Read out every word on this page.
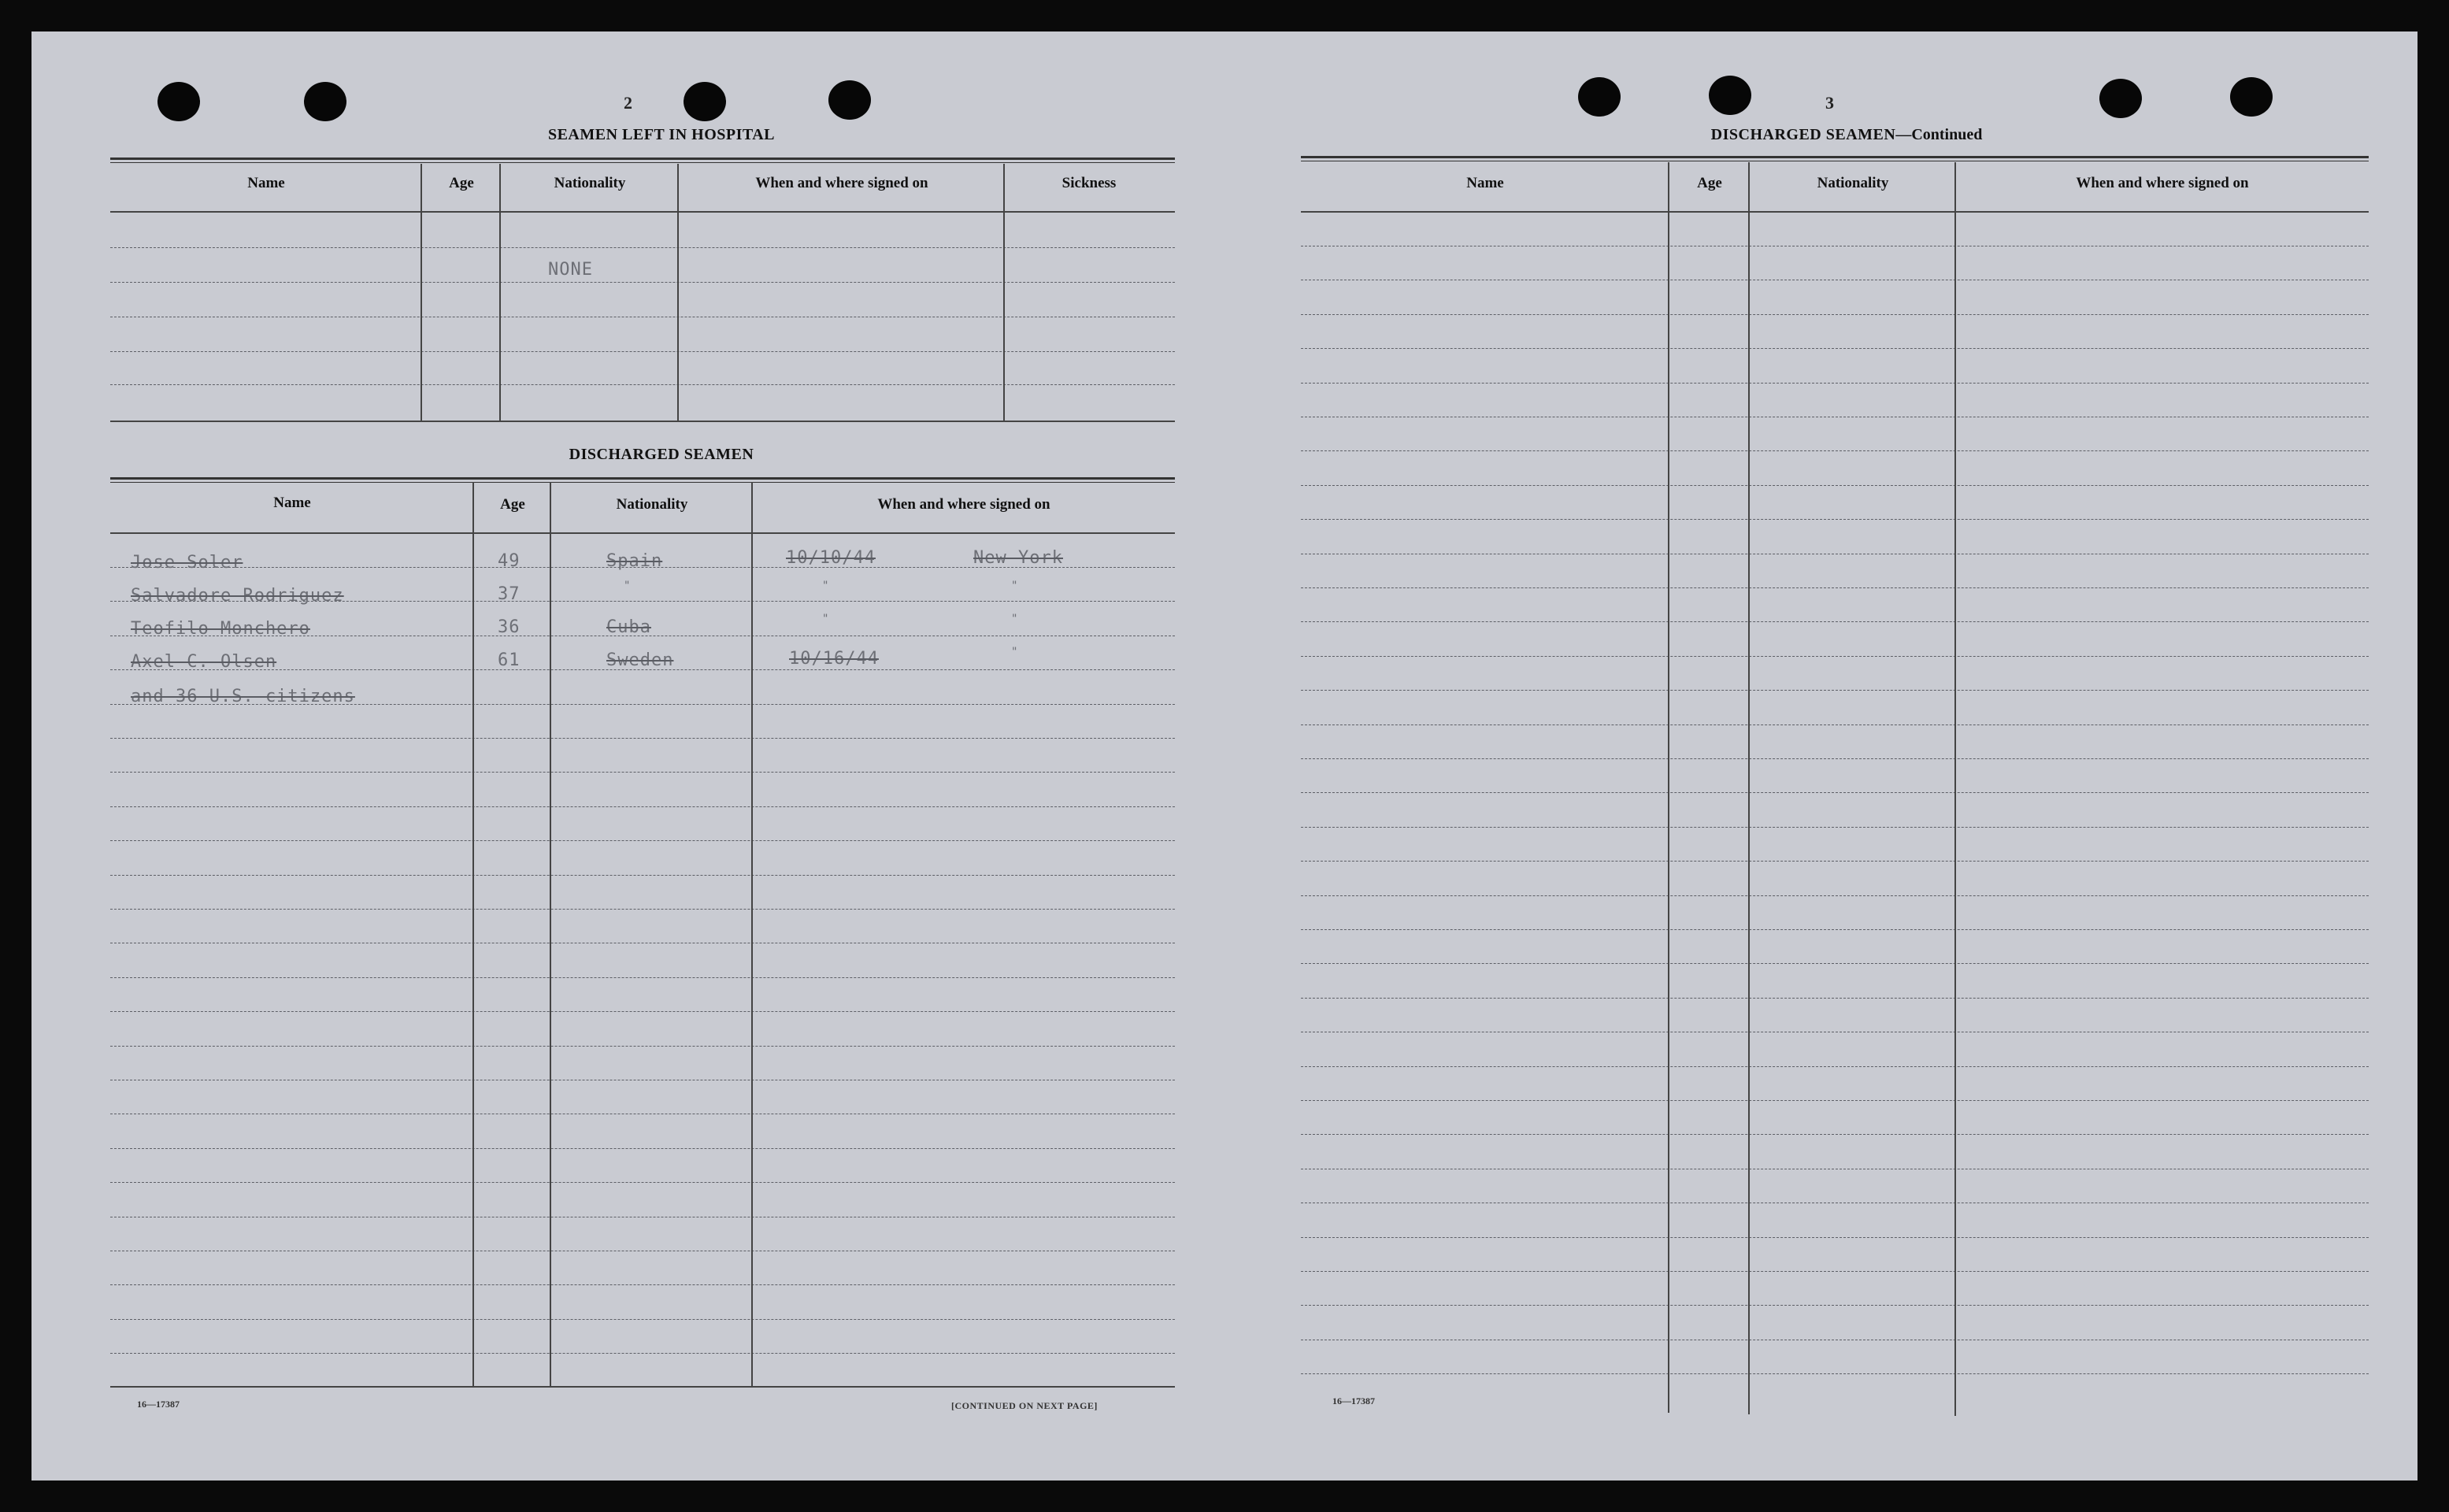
2
SEAMEN LEFT IN HOSPITAL
Name	Age	Nationality	When and where signed on	Sickness
NONE
DISCHARGED SEAMEN
Name	Age	Nationality	When and where signed on
Jose Soler	49	Spain	10/10/44	New York
Salvadore Rodriguez	37	"	"	"
Teofilo Monchero	36	Cuba	"	"
Axel C. Olsen	61	Sweden	10/16/44	"
and 36 U.S. citizens
16—17387	[CONTINUED ON NEXT PAGE]
3
DISCHARGED SEAMEN—Continued
Name	Age	Nationality	When and where signed on
16—17387
